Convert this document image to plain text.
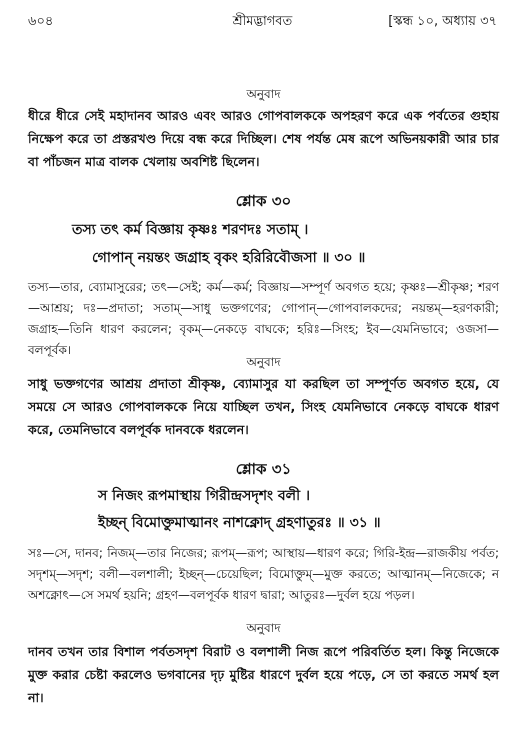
৬০৪	শ্রীমদ্ভাগবত	[স্কন্ধ ১০, অধ্যায় ৩৭
অনুবাদ
ধীরে ধীরে সেই মহাদানব আরও এবং আরও গোপবালককে অপহরণ করে এক পর্বতের গুহায় নিক্ষেপ করে তা প্রস্তরখণ্ড দিয়ে বন্ধ করে দিচ্ছিল। শেষ পর্যন্ত মেষ রূপে অভিনয়কারী আর চার বা পাঁচজন মাত্র বালক খেলায় অবশিষ্ট ছিলেন।
শ্লোক ৩০
তস্য তৎ কর্ম বিজ্ঞায় কৃষ্ণঃ শরণদঃ সতাম্ ।
গোপান্ নয়ন্তং জগ্রাহ বৃকং হরিরিবৌজসা ॥ ৩০ ॥
তস্য—তার, ব্যোমাসুরের; তৎ—সেই; কর্ম—কর্ম; বিজ্ঞায়—সম্পূর্ণ অবগত হয়ে; কৃষ্ণঃ—শ্রীকৃষ্ণ; শরণ—আশ্রয়; দঃ—প্রদাতা; সতাম্—সাধু ভক্তগণের; গোপান্—গোপবালকদের; নয়ন্তম্—হরণকারী; জগ্রাহ—তিনি ধারণ করলেন; বৃকম্—নেকড়ে বাঘকে; হরিঃ—সিংহ; ইব—যেমনিভাবে; ওজসা—বলপূর্বক।
অনুবাদ
সাধু ভক্তগণের আশ্রয় প্রদাতা শ্রীকৃষ্ণ, ব্যোমাসুর যা করছিল তা সম্পূর্ণত অবগত হয়ে, যে সময়ে সে আরও গোপবালককে নিয়ে যাচ্ছিল তখন, সিংহ যেমনিভাবে নেকড়ে বাঘকে ধারণ করে, তেমনিভাবে বলপূর্বক দানবকে ধরলেন।
শ্লোক ৩১
স নিজং রূপমাস্থায় গিরীন্দ্রসদৃশং বলী ।
ইচ্ছন্ বিমোক্তুমাত্মানং নাশক্নোদ্ গ্রহণাতুরঃ ॥ ৩১ ॥
সঃ—সে, দানব; নিজম্—তার নিজের; রূপম্—রূপ; আস্থায়—ধারণ করে; গিরি-ইন্দ্র—রাজকীয় পর্বত; সদৃশম্—সদৃশ; বলী—বলশালী; ইচ্ছন্—চেয়েছিল; বিমোক্তুম্—মুক্ত করতে; আত্মানম্—নিজেকে; ন অশক্নোৎ—সে সমর্থ হয়নি; গ্রহণ—বলপূর্বক ধারণ দ্বারা; আতুরঃ—দুর্বল হয়ে পড়ল।
অনুবাদ
দানব তখন তার বিশাল পর্বতসদৃশ বিরাট ও বলশালী নিজ রূপে পরিবর্তিত হল। কিন্তু নিজেকে মুক্ত করার চেষ্টা করলেও ভগবানের দৃঢ় মুষ্টির ধারণে দুর্বল হয়ে পড়ে, সে তা করতে সমর্থ হল না।
